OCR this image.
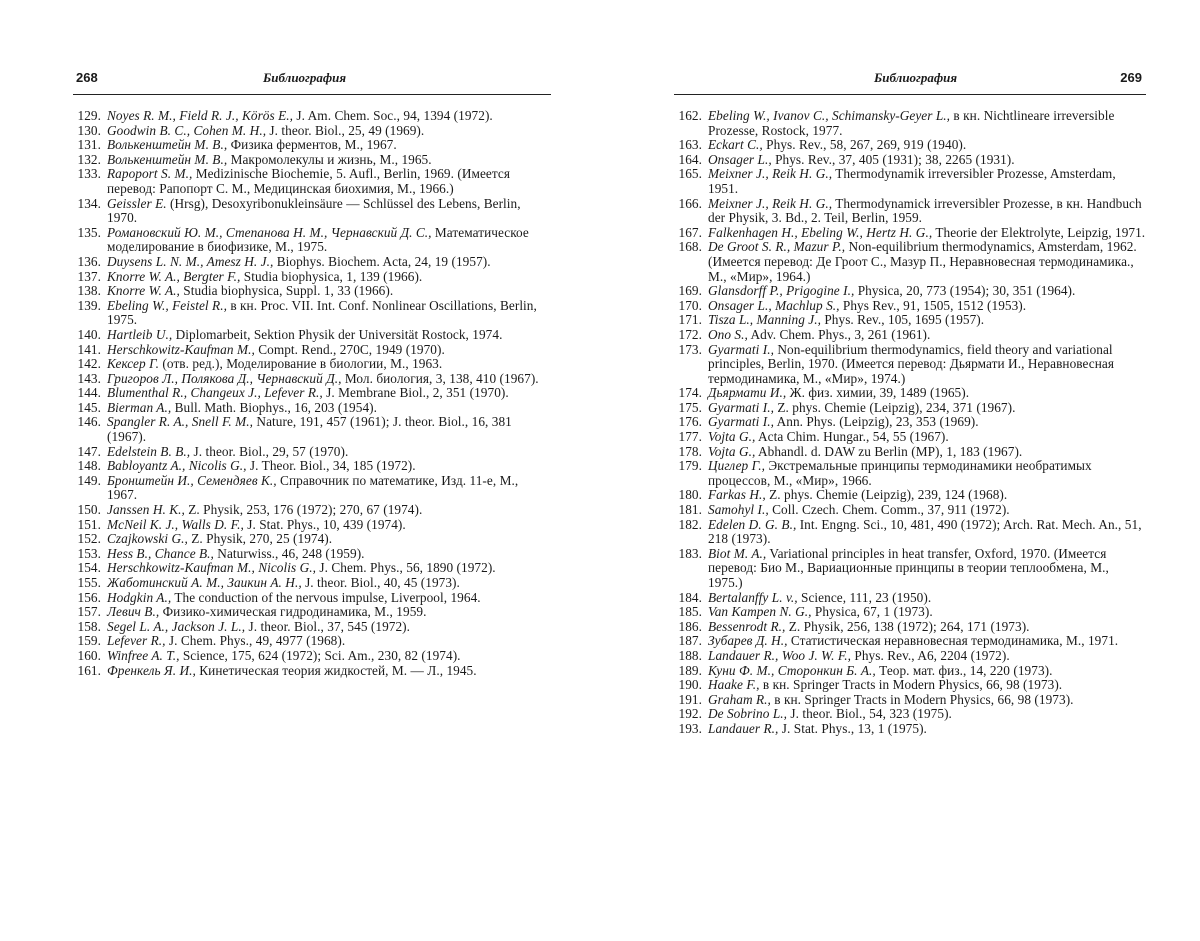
268	Библиография
129. Noyes R. M., Field R. J., Körös E., J. Am. Chem. Soc., 94, 1394 (1972).
130. Goodwin B. C., Cohen M. H., J. theor. Biol., 25, 49 (1969).
131. Волькенштейн М. В., Физика ферментов, М., 1967.
132. Волькенштейн М. В., Макромолекулы и жизнь, М., 1965.
133. Rapoport S. M., Medizinische Biochemie, 5. Aufl., Berlin, 1969. (Имеется перевод: Рапопорт С. М., Медицинская биохимия, М., 1966.)
134. Geissler E. (Hrsg), Desoxyribonukleinsäure — Schlüssel des Lebens, Berlin, 1970.
135. Романовский Ю. М., Степанова Н. М., Чернавский Д. С., Математическое моделирование в биофизике, М., 1975.
136. Duysens L. N. M., Amesz H. J., Biophys. Biochem. Acta, 24, 19 (1957).
137. Knorre W. A., Bergter F., Studia biophysica, 1, 139 (1966).
138. Knorre W. A., Studia biophysica, Suppl. 1, 33 (1966).
139. Ebeling W., Feistel R., в кн. Proc. VII. Int. Conf. Nonlinear Oscillations, Berlin, 1975.
140. Hartleib U., Diplomarbeit, Sektion Physik der Universität Rostock, 1974.
141. Herschkowitz-Kaufman M., Compt. Rend., 270C, 1949 (1970).
142. Кексер Г. (отв. ред.), Моделирование в биологии, М., 1963.
143. Григоров Л., Полякова Д., Чернавский Д., Мол. биология, 3, 138, 410 (1967).
144. Blumenthal R., Changeux J., Lefever R., J. Membrane Biol., 2, 351 (1970).
145. Bierman A., Bull. Math. Biophys., 16, 203 (1954).
146. Spangler R. A., Snell F. M., Nature, 191, 457 (1961); J. theor. Biol., 16, 381 (1967).
147. Edelstein B. B., J. theor. Biol., 29, 57 (1970).
148. Babloyantz A., Nicolis G., J. Theor. Biol., 34, 185 (1972).
149. Бронштейн И., Семендяев К., Справочник по математике, Изд. 11-е, М., 1967.
150. Janssen H. K., Z. Physik, 253, 176 (1972); 270, 67 (1974).
151. McNeil K. J., Walls D. F., J. Stat. Phys., 10, 439 (1974).
152. Czajkowski G., Z. Physik, 270, 25 (1974).
153. Hess B., Chance B., Naturwiss., 46, 248 (1959).
154. Herschkowitz-Kaufman M., Nicolis G., J. Chem. Phys., 56, 1890 (1972).
155. Жаботинский А. М., Заикин А. Н., J. theor. Biol., 40, 45 (1973).
156. Hodgkin A., The conduction of the nervous impulse, Liverpool, 1964.
157. Левич В., Физико-химическая гидродинамика, М., 1959.
158. Segel L. A., Jackson J. L., J. theor. Biol., 37, 545 (1972).
159. Lefever R., J. Chem. Phys., 49, 4977 (1968).
160. Winfree A. T., Science, 175, 624 (1972); Sci. Am., 230, 82 (1974).
161. Френкель Я. И., Кинетическая теория жидкостей, М. — Л., 1945.
Библиография	269
162. Ebeling W., Ivanov C., Schimansky-Geyer L., в кн. Nichtlineare irreversible Prozesse, Rostock, 1977.
163. Eckart C., Phys. Rev., 58, 267, 269, 919 (1940).
164. Onsager L., Phys. Rev., 37, 405 (1931); 38, 2265 (1931).
165. Meixner J., Reik H. G., Thermodynamik irreversibler Prozesse, Amsterdam, 1951.
166. Meixner J., Reik H. G., Thermodynamick irreversibler Prozesse, в кн. Handbuch der Physik, 3. Bd., 2. Teil, Berlin, 1959.
167. Falkenhagen H., Ebeling W., Hertz H. G., Theorie der Elektrolyte, Leipzig, 1971.
168. De Groot S. R., Mazur P., Non-equilibrium thermodynamics, Amsterdam, 1962. (Имеется перевод: Де Гроот С., Мазур П., Неравновесная термодинамика., М., «Мир», 1964.)
169. Glansdorff P., Prigogine I., Physica, 20, 773 (1954); 30, 351 (1964).
170. Onsager L., Machlup S., Phys Rev., 91, 1505, 1512 (1953).
171. Tisza L., Manning J., Phys. Rev., 105, 1695 (1957).
172. Ono S., Adv. Chem. Phys., 3, 261 (1961).
173. Gyarmati I., Non-equilibrium thermodynamics, field theory and variational principles, Berlin, 1970. (Имеется перевод: Дьярмати И., Неравновесная термодинамика, М., «Мир», 1974.)
174. Дьярмати И., Ж. физ. химии, 39, 1489 (1965).
175. Gyarmati I., Z. phys. Chemie (Leipzig), 234, 371 (1967).
176. Gyarmati I., Ann. Phys. (Leipzig), 23, 353 (1969).
177. Vojta G., Acta Chim. Hungar., 54, 55 (1967).
178. Vojta G., Abhandl. d. DAW zu Berlin (MP), 1, 183 (1967).
179. Циглер Г., Экстремальные принципы термодинамики необратимых процессов, М., «Мир», 1966.
180. Farkas H., Z. phys. Chemie (Leipzig), 239, 124 (1968).
181. Samohyl I., Coll. Czech. Chem. Comm., 37, 911 (1972).
182. Edelen D. G. B., Int. Engng. Sci., 10, 481, 490 (1972); Arch. Rat. Mech. An., 51, 218 (1973).
183. Biot M. A., Variational principles in heat transfer, Oxford, 1970. (Имеется перевод: Био М., Вариационные принципы в теории теплообмена, М., 1975.)
184. Bertalanffy L. v., Science, 111, 23 (1950).
185. Van Kampen N. G., Physica, 67, 1 (1973).
186. Bessenrodt R., Z. Physik, 256, 138 (1972); 264, 171 (1973).
187. Зубарев Д. Н., Статистическая неравновесная термодинамика, М., 1971.
188. Landauer R., Woo J. W. F., Phys. Rev., A6, 2204 (1972).
189. Куни Ф. М., Сторонкин Б. А., Теор. мат. физ., 14, 220 (1973).
190. Haake F., в кн. Springer Tracts in Modern Physics, 66, 98 (1973).
191. Graham R., в кн. Springer Tracts in Modern Physics, 66, 98 (1973).
192. De Sobrino L., J. theor. Biol., 54, 323 (1975).
193. Landauer R., J. Stat. Phys., 13, 1 (1975).
